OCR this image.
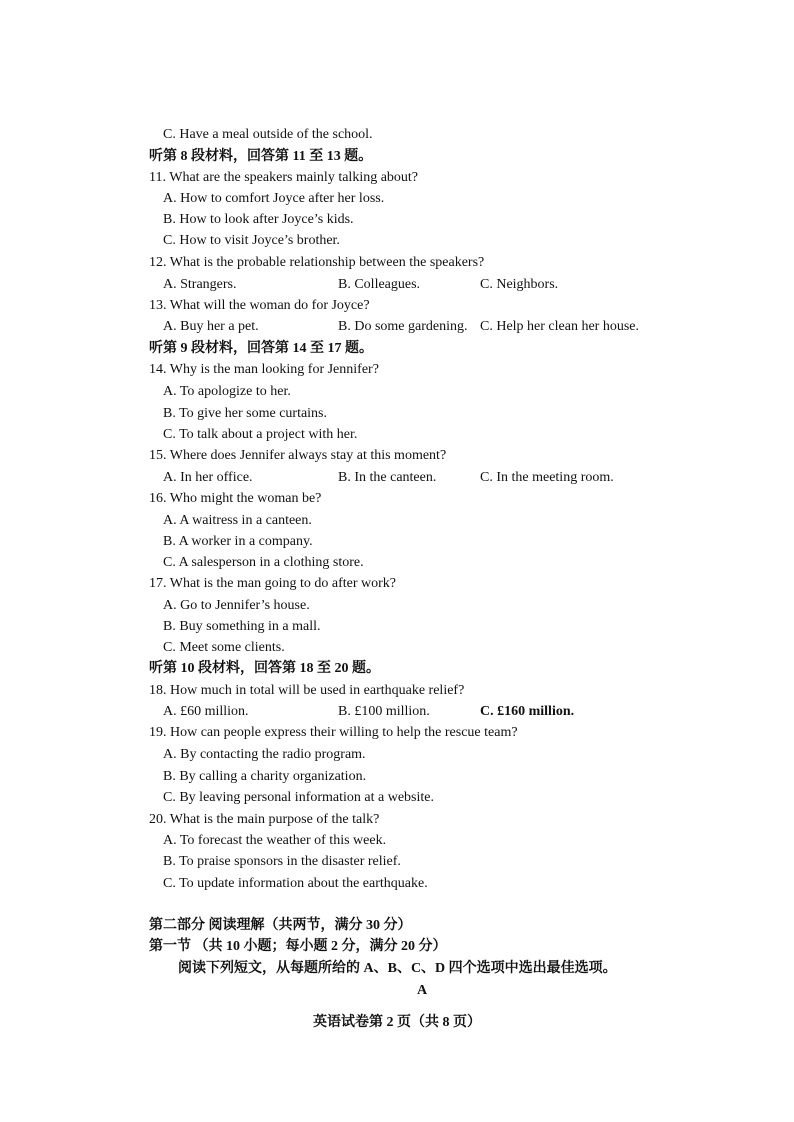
C. Have a meal outside of the school.
听第 8 段材料，回答第 11 至 13 题。
11. What are the speakers mainly talking about?
A. How to comfort Joyce after her loss.
B. How to look after Joyce’s kids.
C. How to visit Joyce’s brother.
12. What is the probable relationship between the speakers?
A. Strangers.	B. Colleagues.	C. Neighbors.
13. What will the woman do for Joyce?
A. Buy her a pet.	B. Do some gardening. C. Help her clean her house.
听第 9 段材料，回答第 14 至 17 题。
14. Why is the man looking for Jennifer?
A. To apologize to her.
B. To give her some curtains.
C. To talk about a project with her.
15. Where does Jennifer always stay at this moment?
A. In her office.	B. In the canteen.	C. In the meeting room.
16. Who might the woman be?
A. A waitress in a canteen.
B. A worker in a company.
C. A salesperson in a clothing store.
17. What is the man going to do after work?
A. Go to Jennifer’s house.
B. Buy something in a mall.
C. Meet some clients.
听第 10 段材料，回答第 18 至 20 题。
18. How much in total will be used in earthquake relief?
A. £60 million.	B. £100 million.	C. £160 million.
19. How can people express their willing to help the rescue team?
A. By contacting the radio program.
B. By calling a charity organization.
C. By leaving personal information at a website.
20. What is the main purpose of the talk?
A. To forecast the weather of this week.
B. To praise sponsors in the disaster relief.
C. To update information about the earthquake.
第二部分 阅读理解（共两节，满分 30 分）
第一节 （共 10 小题；每小题 2 分，满分 20 分）
阅读下列短文，从每题所给的 A、B、C、D 四个选项中选出最佳选项。
A
英语试卷第 2 页（共 8 页）
